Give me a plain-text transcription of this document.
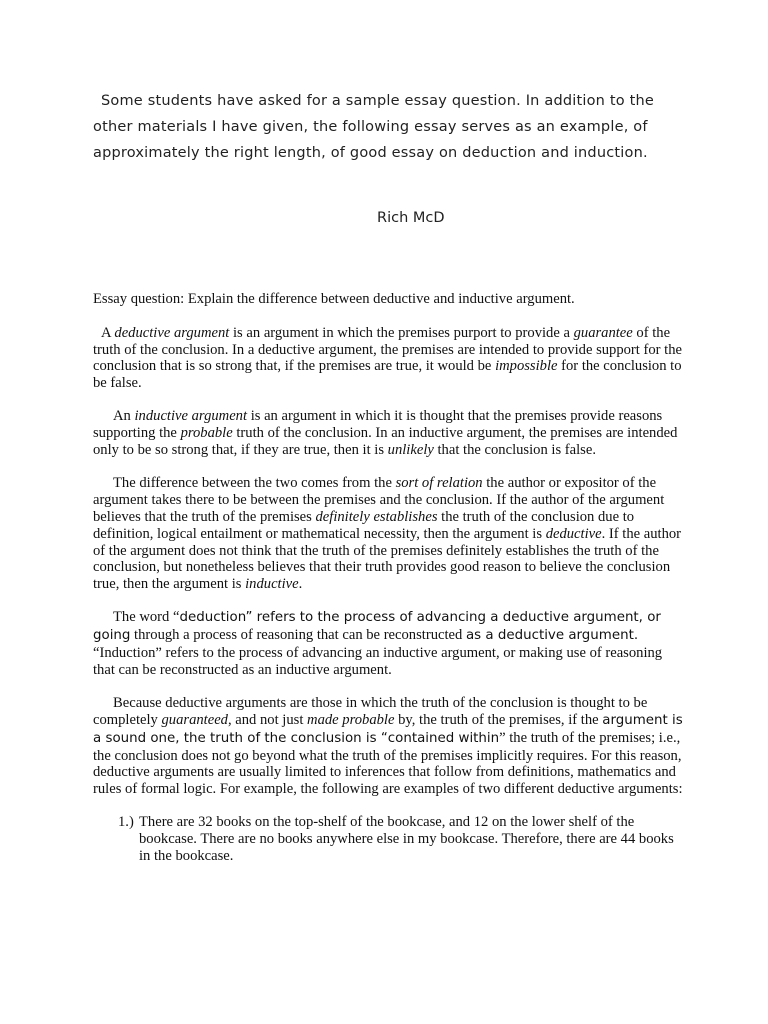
Some students have asked for a sample essay question. In addition to the other materials I have given, the following essay serves as an example, of approximately the right length, of good essay on deduction and induction.

Rich McD

Essay question: Explain the difference between deductive and inductive argument.

A deductive argument is an argument in which the premises purport to provide a guarantee of the truth of the conclusion. In a deductive argument, the premises are intended to provide support for the conclusion that is so strong that, if the premises are true, it would be impossible for the conclusion to be false.

An inductive argument is an argument in which it is thought that the premises provide reasons supporting the probable truth of the conclusion. In an inductive argument, the premises are intended only to be so strong that, if they are true, then it is unlikely that the conclusion is false.

The difference between the two comes from the sort of relation the author or expositor of the argument takes there to be between the premises and the conclusion. If the author of the argument believes that the truth of the premises definitely establishes the truth of the conclusion due to definition, logical entailment or mathematical necessity, then the argument is deductive. If the author of the argument does not think that the truth of the premises definitely establishes the truth of the conclusion, but nonetheless believes that their truth provides good reason to believe the conclusion true, then the argument is inductive.

The word “deduction” refers to the process of advancing a deductive argument, or going through a process of reasoning that can be reconstructed as a deductive argument. “Induction” refers to the process of advancing an inductive argument, or making use of reasoning that can be reconstructed as an inductive argument.

Because deductive arguments are those in which the truth of the conclusion is thought to be completely guaranteed, and not just made probable by, the truth of the premises, if the argument is a sound one, the truth of the conclusion is “contained within” the truth of the premises; i.e., the conclusion does not go beyond what the truth of the premises implicitly requires. For this reason, deductive arguments are usually limited to inferences that follow from definitions, mathematics and rules of formal logic. For example, the following are examples of two different deductive arguments:

1.) There are 32 books on the top-shelf of the bookcase, and 12 on the lower shelf of the bookcase. There are no books anywhere else in my bookcase. Therefore, there are 44 books in the bookcase.
